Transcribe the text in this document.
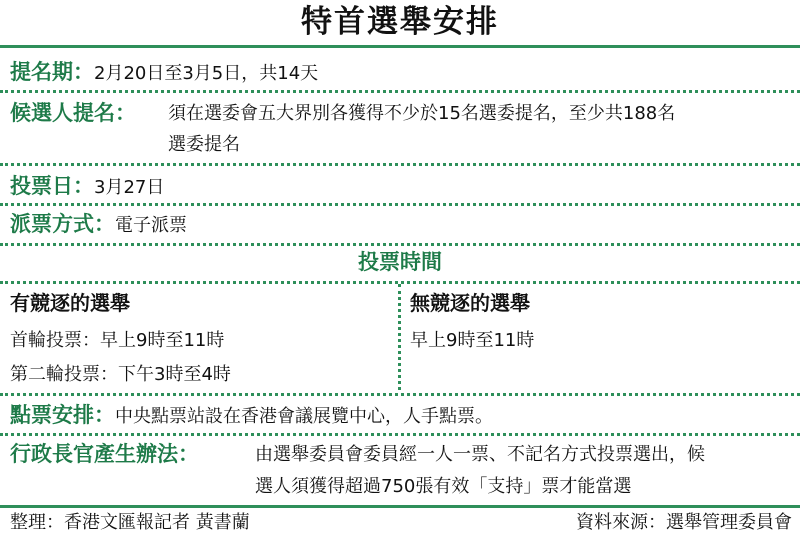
特首選舉安排
提名期：2月20日至3月5日，共14天
候選人提名： 須在選委會五大界別各獲得不少於15名選委提名，至少共188名
選委提名
投票日：3月27日
派票方式：電子派票
投票時間
有競逐的選舉
首輪投票：早上9時至11時
第二輪投票：下午3時至4時
無競逐的選舉
早上9時至11時
點票安排：中央點票站設在香港會議展覽中心，人手點票。
行政長官產生辦法：	由選舉委員會委員經一人一票、不記名方式投票選出，候
選人須獲得超過750張有效「支持」票才能當選
整理：香港文匯報記者 黃書蘭	資料來源：選舉管理委員會
